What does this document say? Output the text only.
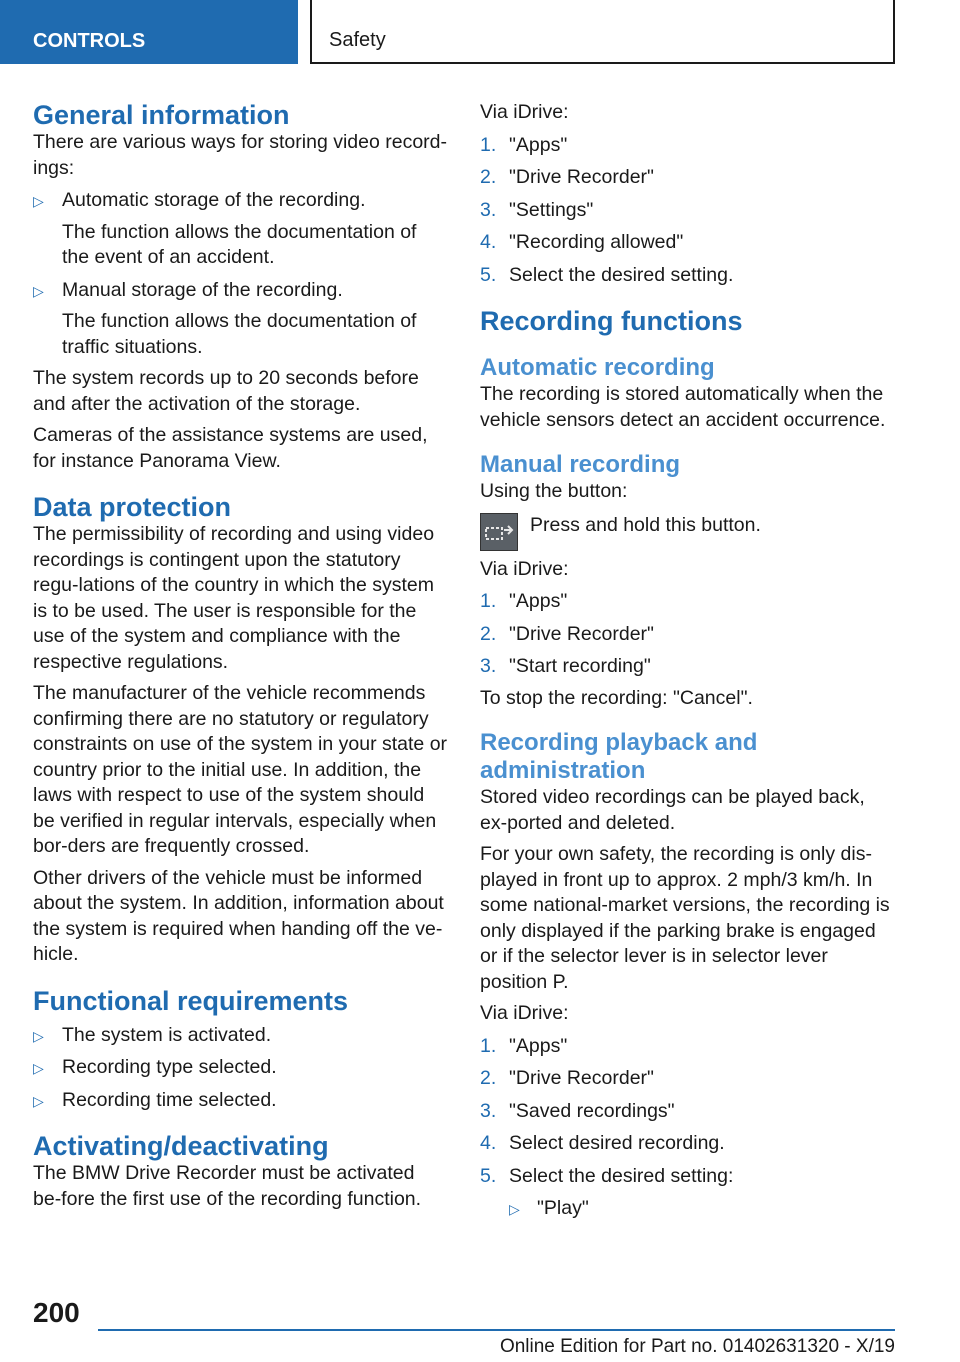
CONTROLS	Safety
General information

There are various ways for storing video record-ings:

▷ Automatic storage of the recording.
The function allows the documentation of the event of an accident.
▷ Manual storage of the recording.
The function allows the documentation of traffic situations.

The system records up to 20 seconds before and after the activation of the storage.

Cameras of the assistance systems are used, for instance Panorama View.

Data protection

The permissibility of recording and using video recordings is contingent upon the statutory regu-lations of the country in which the system is to be used. The user is responsible for the use of the system and compliance with the respective regulations.

The manufacturer of the vehicle recommends confirming there are no statutory or regulatory constraints on use of the system in your state or country prior to the initial use. In addition, the laws with respect to use of the system should be verified in regular intervals, especially when bor-ders are frequently crossed.

Other drivers of the vehicle must be informed about the system. In addition, information about the system is required when handing off the ve-hicle.

Functional requirements
▷ The system is activated.
▷ Recording type selected.
▷ Recording time selected.
Activating/deactivating

The BMW Drive Recorder must be activated be-fore the first use of the recording function.

Via iDrive:

1. "Apps"
2. "Drive Recorder"
3. "Settings"
4. "Recording allowed"
5. Select the desired setting.
Recording functions
Automatic recording

The recording is stored automatically when the vehicle sensors detect an accident occurrence.

Manual recording

Using the button:

Press and hold this button.

Via iDrive:

1. "Apps"
2. "Drive Recorder"
3. "Start recording"

To stop the recording: "Cancel".

Recording playback and administration

Stored video recordings can be played back, ex-ported and deleted.

For your own safety, the recording is only dis-played in front up to approx. 2 mph/3 km/h. In some national-market versions, the recording is only displayed if the parking brake is engaged or if the selector lever is in selector lever position P.

Via iDrive:

1. "Apps"
2. "Drive Recorder"
3. "Saved recordings"
4. Select desired recording.
5. Select the desired setting:
▷ "Play"
200
Online Edition for Part no. 01402631320 - X/19
